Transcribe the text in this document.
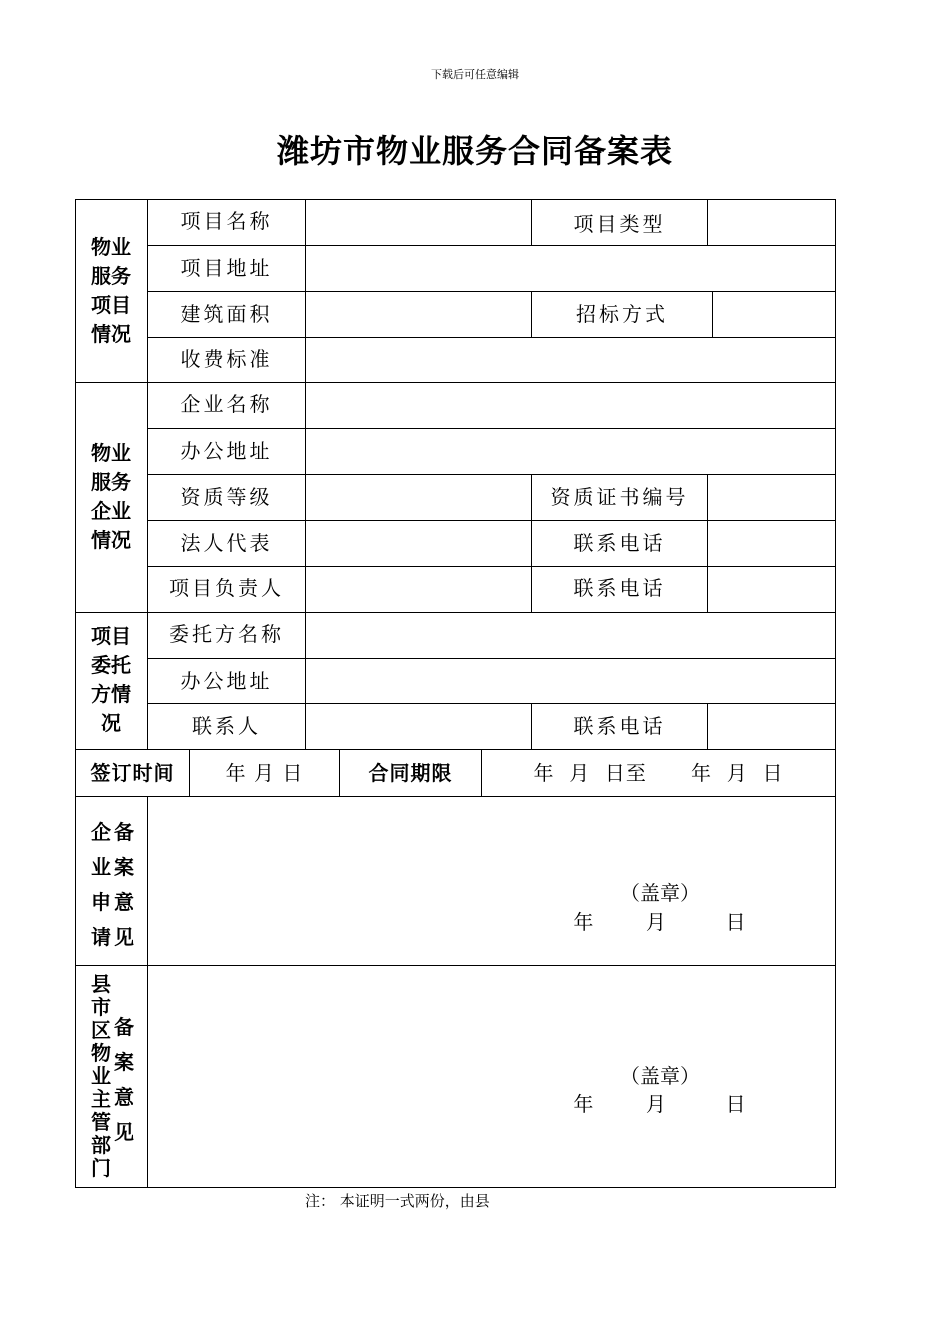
下载后可任意编辑
潍坊市物业服务合同备案表
物业
服务
项目
情况
项目名称	项目类型
项目地址
建筑面积	招标方式
收费标准
物业
服务
企业
情况
企业名称
办公地址
资质等级	资质证书编号
法人代表	联系电话
项目负责人	联系电话
项目
委托
方情
况
委托方名称
办公地址
联系人	联系电话
签订时间	年 月 日	合同期限	年  月  日至      年  月  日
企业申请
备案意见
（盖章）
年       月        日
县市区物业主管部门
备案意见
（盖章）
年       月        日
注： 本证明一式两份，由县
